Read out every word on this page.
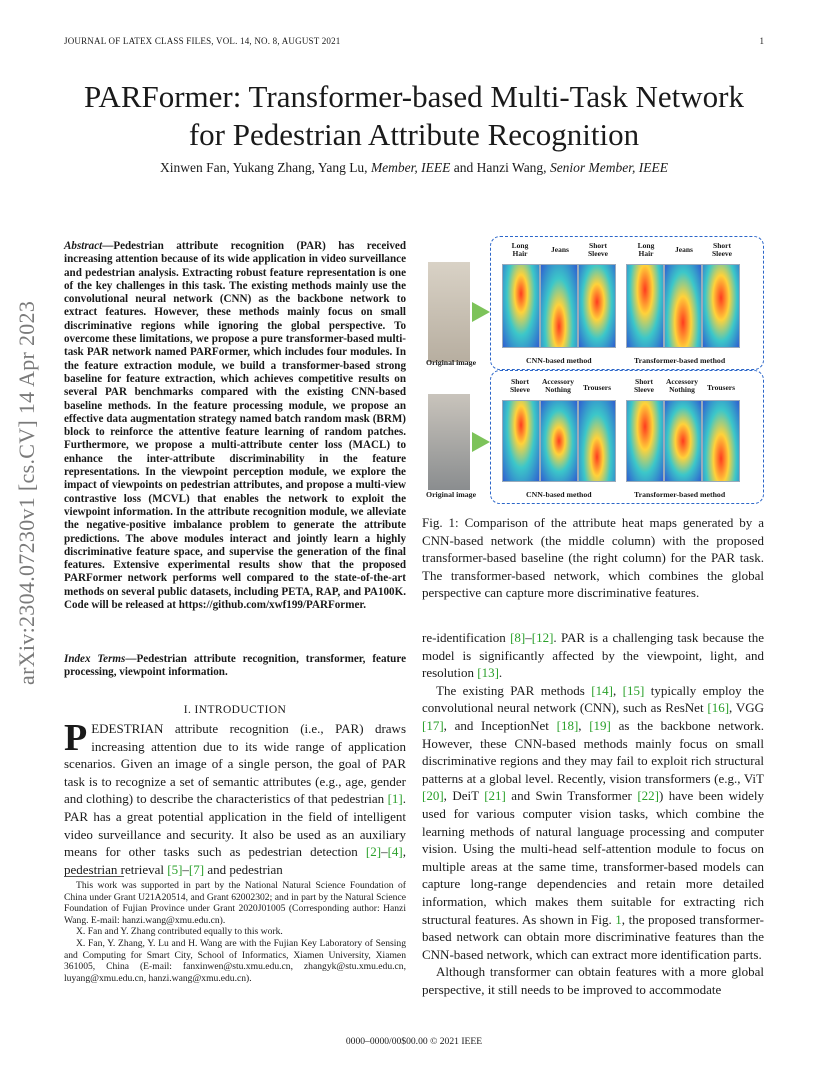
JOURNAL OF LATEX CLASS FILES, VOL. 14, NO. 8, AUGUST 2021	1
PARFormer: Transformer-based Multi-Task Network for Pedestrian Attribute Recognition
Xinwen Fan, Yukang Zhang, Yang Lu, Member, IEEE and Hanzi Wang, Senior Member, IEEE
arXiv:2304.07230v1 [cs.CV] 14 Apr 2023
Abstract—Pedestrian attribute recognition (PAR) has received increasing attention because of its wide application in video surveillance and pedestrian analysis. Extracting robust feature representation is one of the key challenges in this task. The existing methods mainly use the convolutional neural network (CNN) as the backbone network to extract features. However, these methods mainly focus on small discriminative regions while ignoring the global perspective. To overcome these limitations, we propose a pure transformer-based multi-task PAR network named PARFormer, which includes four modules. In the feature extraction module, we build a transformer-based strong baseline for feature extraction, which achieves competitive results on several PAR benchmarks compared with the existing CNN-based baseline methods. In the feature processing module, we propose an effective data augmentation strategy named batch random mask (BRM) block to reinforce the attentive feature learning of random patches. Furthermore, we propose a multi-attribute center loss (MACL) to enhance the inter-attribute discriminability in the feature representations. In the viewpoint perception module, we explore the impact of viewpoints on pedestrian attributes, and propose a multi-view contrastive loss (MCVL) that enables the network to exploit the viewpoint information. In the attribute recognition module, we alleviate the negative-positive imbalance problem to generate the attribute predictions. The above modules interact and jointly learn a highly discriminative feature space, and supervise the generation of the final features. Extensive experimental results show that the proposed PARFormer network performs well compared to the state-of-the-art methods on several public datasets, including PETA, RAP, and PA100K. Code will be released at https://github.com/xwf199/PARFormer.
Index Terms—Pedestrian attribute recognition, transformer, feature processing, viewpoint information.
I. INTRODUCTION
PEDESTRIAN attribute recognition (i.e., PAR) draws increasing attention due to its wide range of application scenarios. Given an image of a single person, the goal of PAR task is to recognize a set of semantic attributes (e.g., age, gender and clothing) to describe the characteristics of that pedestrian [1]. PAR has a great potential application in the field of intelligent video surveillance and security. It also be used as an auxiliary means for other tasks such as pedestrian detection [2]–[4], pedestrian retrieval [5]–[7] and pedestrian

This work was supported in part by the National Natural Science Foundation of China under Grant U21A20514, and Grant 62002302; and in part by the Natural Science Foundation of Fujian Province under Grant 2020J01005 (Corresponding author: Hanzi Wang. E-mail: hanzi.wang@xmu.edu.cn).

X. Fan and Y. Zhang contributed equally to this work.

X. Fan, Y. Zhang, Y. Lu and H. Wang are with the Fujian Key Laboratory of Sensing and Computing for Smart City, School of Informatics, Xiamen University, Xiamen 361005, China (E-mail: fanxinwen@stu.xmu.edu.cn, zhangyk@stu.xmu.edu.cn, luyang@xmu.edu.cn, hanzi.wang@xmu.edu.cn).

Original image
Long Hair	Jeans	Short Sleeve
Long Hair	Jeans	Short Sleeve
CNN-based method	Transformer-based method
Original image
Short Sleeve
Accessory Nothing	Trousers
Short Sleeve
Accessory Nothing	Trousers
CNN-based method	Transformer-based method
Fig. 1: Comparison of the attribute heat maps generated by a CNN-based network (the middle column) with the proposed transformer-based baseline (the right column) for the PAR task. The transformer-based network, which combines the global perspective can capture more discriminative features.

re-identification [8]–[12]. PAR is a challenging task because the model is significantly affected by the viewpoint, light, and resolution [13].

The existing PAR methods [14], [15] typically employ the convolutional neural network (CNN), such as ResNet [16], VGG [17], and InceptionNet [18], [19] as the backbone network. However, these CNN-based methods mainly focus on small discriminative regions and they may fail to exploit rich structural patterns at a global level. Recently, vision transformers (e.g., ViT [20], DeiT [21] and Swin Transformer [22]) have been widely used for various computer vision tasks, which combine the learning methods of natural language processing and computer vision. Using the multi-head self-attention module to focus on multiple areas at the same time, transformer-based models can capture long-range dependencies and retain more detailed information, which makes them suitable for extracting rich structural features. As shown in Fig. 1, the proposed transformer-based network can obtain more discriminative features than the CNN-based network, which can extract more identification parts.

Although transformer can obtain features with a more global perspective, it still needs to be improved to accommodate

0000–0000/00$00.00 © 2021 IEEE
